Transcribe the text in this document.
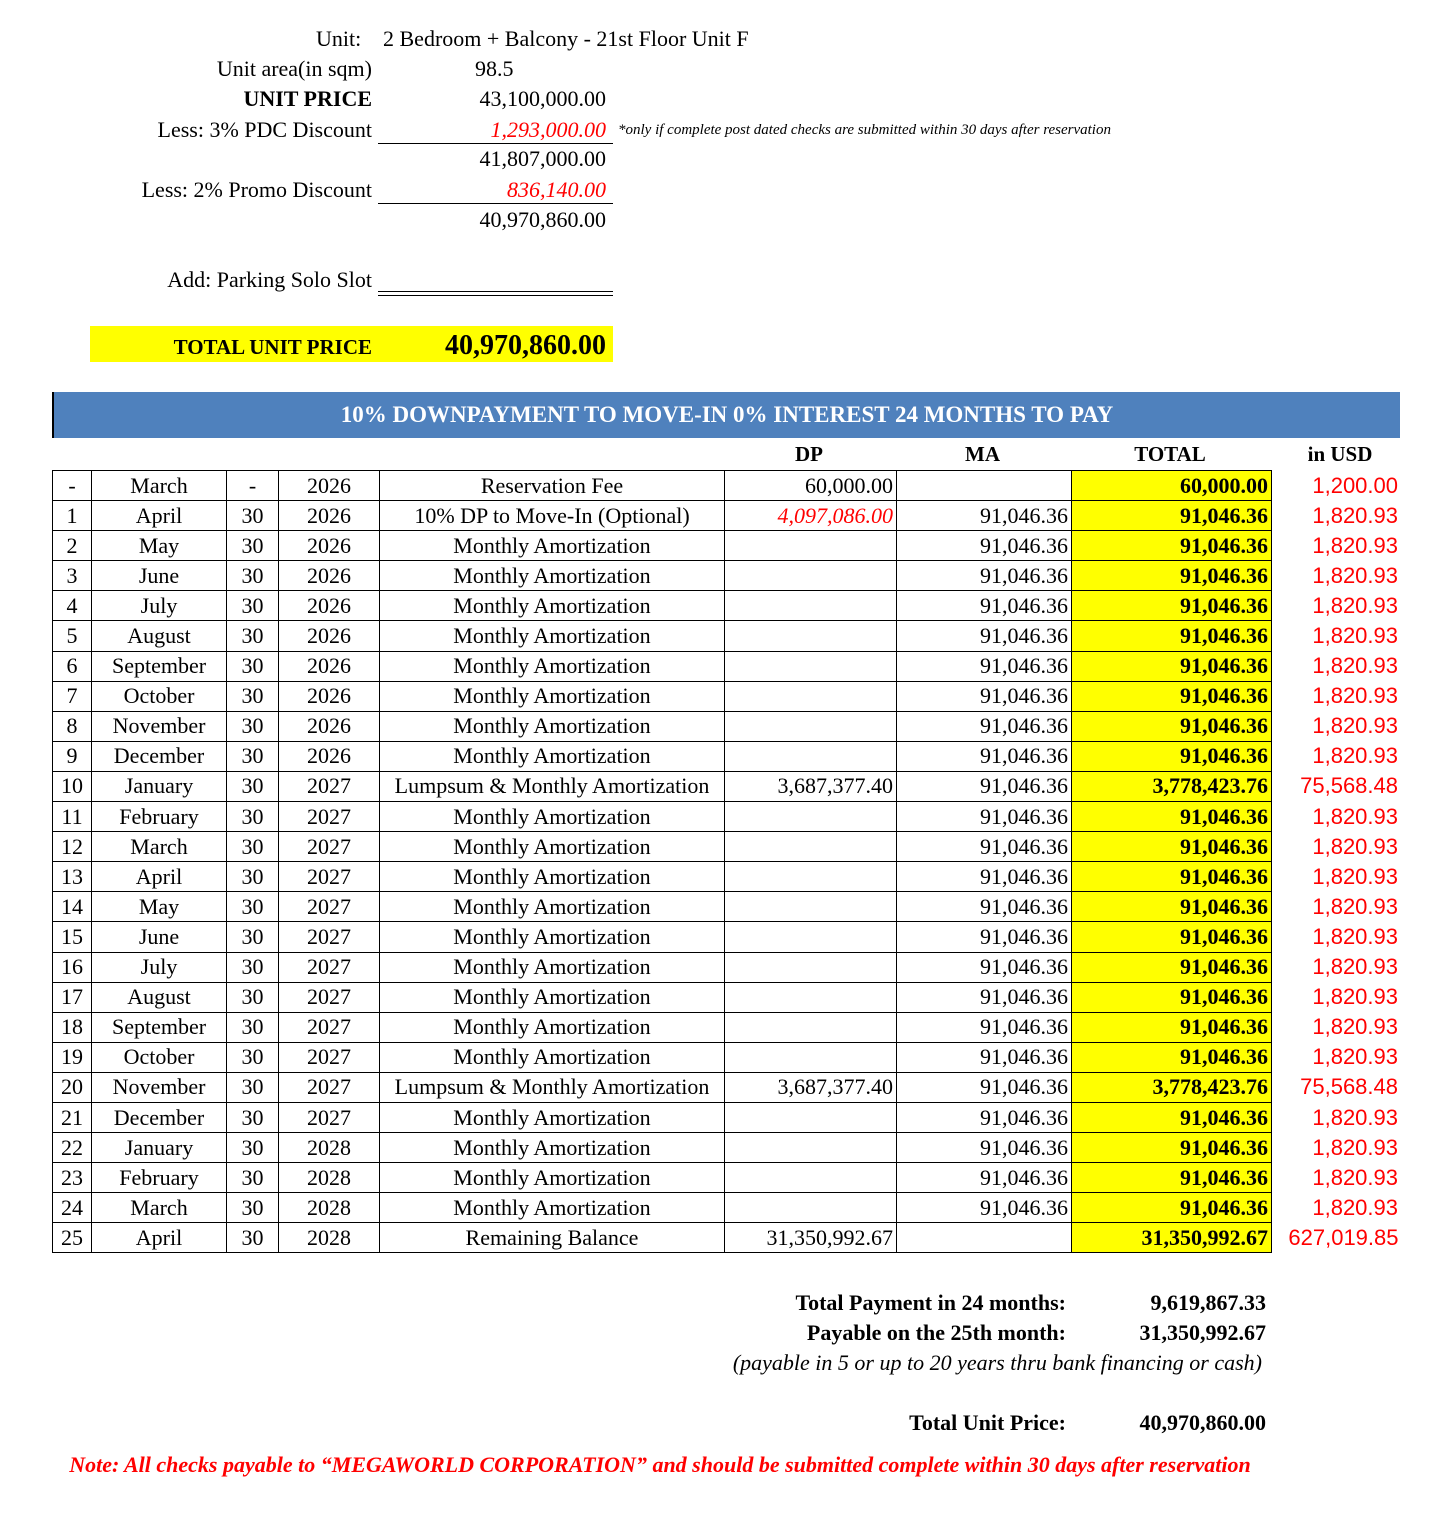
Unit: 2 Bedroom + Balcony - 21st Floor Unit F
Unit area(in sqm)	98.5
UNIT PRICE	43,100,000.00
Less: 3% PDC Discount	1,293,000.00 *only if complete post dated checks are submitted within 30 days after reservation
41,807,000.00
Less: 2% Promo Discount	836,140.00
40,970,860.00
Add: Parking Solo Slot
TOTAL UNIT PRICE	40,970,860.00
10% DOWNPAYMENT TO MOVE-IN 0% INTEREST 24 MONTHS TO PAY
DP	MA	TOTAL	in USD
-	March	-	2026	Reservation Fee	60,000.00		60,000.00	1,200.00
1	April	30	2026	10% DP to Move-In (Optional)	4,097,086.00	91,046.36	91,046.36	1,820.93
2	May	30	2026	Monthly Amortization		91,046.36	91,046.36	1,820.93
3	June	30	2026	Monthly Amortization		91,046.36	91,046.36	1,820.93
4	July	30	2026	Monthly Amortization		91,046.36	91,046.36	1,820.93
5	August	30	2026	Monthly Amortization		91,046.36	91,046.36	1,820.93
6	September	30	2026	Monthly Amortization		91,046.36	91,046.36	1,820.93
7	October	30	2026	Monthly Amortization		91,046.36	91,046.36	1,820.93
8	November	30	2026	Monthly Amortization		91,046.36	91,046.36	1,820.93
9	December	30	2026	Monthly Amortization		91,046.36	91,046.36	1,820.93
10	January	30	2027	Lumpsum & Monthly Amortization	3,687,377.40	91,046.36	3,778,423.76	75,568.48
11	February	30	2027	Monthly Amortization		91,046.36	91,046.36	1,820.93
12	March	30	2027	Monthly Amortization		91,046.36	91,046.36	1,820.93
13	April	30	2027	Monthly Amortization		91,046.36	91,046.36	1,820.93
14	May	30	2027	Monthly Amortization		91,046.36	91,046.36	1,820.93
15	June	30	2027	Monthly Amortization		91,046.36	91,046.36	1,820.93
16	July	30	2027	Monthly Amortization		91,046.36	91,046.36	1,820.93
17	August	30	2027	Monthly Amortization		91,046.36	91,046.36	1,820.93
18	September	30	2027	Monthly Amortization		91,046.36	91,046.36	1,820.93
19	October	30	2027	Monthly Amortization		91,046.36	91,046.36	1,820.93
20	November	30	2027	Lumpsum & Monthly Amortization	3,687,377.40	91,046.36	3,778,423.76	75,568.48
21	December	30	2027	Monthly Amortization		91,046.36	91,046.36	1,820.93
22	January	30	2028	Monthly Amortization		91,046.36	91,046.36	1,820.93
23	February	30	2028	Monthly Amortization		91,046.36	91,046.36	1,820.93
24	March	30	2028	Monthly Amortization		91,046.36	91,046.36	1,820.93
25	April	30	2028	Remaining Balance	31,350,992.67		31,350,992.67	627,019.85
Total Payment in 24 months:	9,619,867.33
Payable on the 25th month:	31,350,992.67
(payable in 5 or up to 20 years thru bank financing or cash)
Total Unit Price:	40,970,860.00
Note: All checks payable to “MEGAWORLD CORPORATION” and should be submitted complete within 30 days after reservation
